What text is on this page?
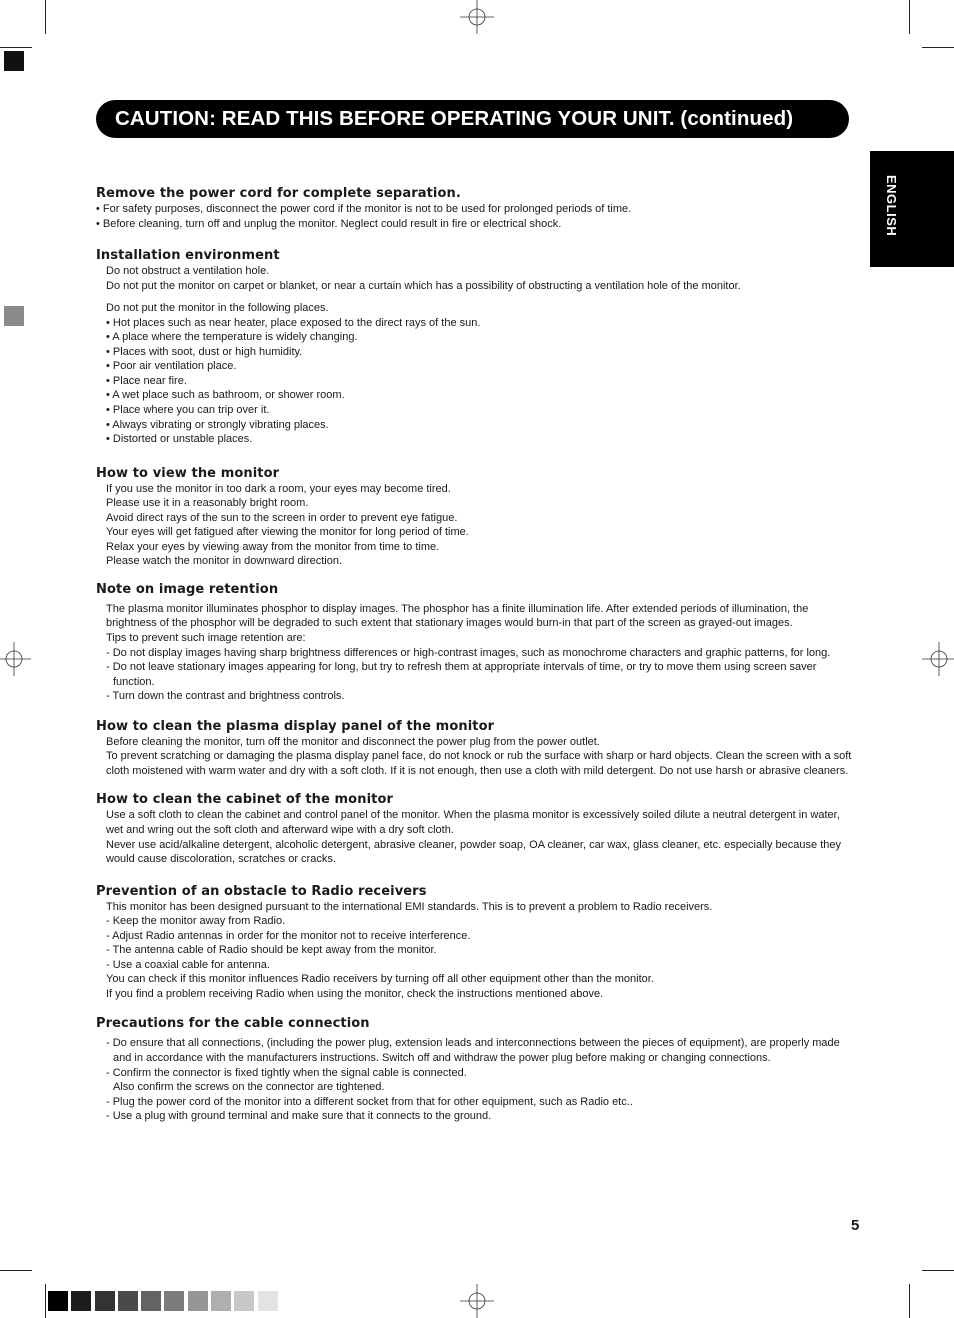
CAUTION: READ THIS BEFORE OPERATING YOUR UNIT. (continued)
ENGLISH
Remove the power cord for complete separation.

• For safety purposes, disconnect the power cord if the monitor is not to be used for prolonged periods of time.

• Before cleaning, turn off and unplug the monitor. Neglect could result in fire or electrical shock.

Installation environment

Do not obstruct a ventilation hole.

Do not put the monitor on carpet or blanket, or near a curtain which has a possibility of obstructing a ventilation hole of the monitor.

Do not put the monitor in the following places.

• Hot places such as near heater, place exposed to the direct rays of the sun.

• A place where the temperature is widely changing.

• Places with soot, dust or high humidity.

• Poor air ventilation place.

• Place near fire.

• A wet place such as bathroom, or shower room.

• Place where you can trip over it.

• Always vibrating or strongly vibrating places.

• Distorted or unstable places.

How to view the monitor

If you use the monitor in too dark a room, your eyes may become tired.

Please use it in a reasonably bright room.

Avoid direct rays of the sun to the screen in order to prevent eye fatigue.

Your eyes will get fatigued after viewing the monitor for long period of time.

Relax your eyes by viewing away from the monitor from time to time.

Please watch the monitor in downward direction.

Note on image retention

The plasma monitor illuminates phosphor to display images. The phosphor has a finite illumination life. After extended periods of illumination, the brightness of the phosphor will be degraded to such extent that stationary images would burn-in that part of the screen as grayed-out images.

Tips to prevent such image retention are:

- Do not display images having sharp brightness differences or high-contrast images, such as monochrome characters and graphic patterns, for long.

- Do not leave stationary images appearing for long, but try to refresh them at appropriate intervals of time, or try to move them using screen saver function.

- Turn down the contrast and brightness controls.

How to clean the plasma display panel of the monitor

Before cleaning the monitor, turn off the monitor and disconnect the power plug from the power outlet.

To prevent scratching or damaging the plasma display panel face, do not knock or rub the surface with sharp or hard objects. Clean the screen with a soft cloth moistened with warm water and dry with a soft cloth. If it is not enough, then use a cloth with mild detergent. Do not use harsh or abrasive cleaners.

How to clean the cabinet of the monitor

Use a soft cloth to clean the cabinet and control panel of the monitor. When the plasma monitor is excessively soiled dilute a neutral detergent in water, wet and wring out the soft cloth and afterward wipe with a dry soft cloth.

Never use acid/alkaline detergent, alcoholic detergent, abrasive cleaner, powder soap, OA cleaner, car wax, glass cleaner, etc. especially because they would cause discoloration, scratches or cracks.

Prevention of an obstacle to Radio receivers

This monitor has been designed pursuant to the international EMI standards. This is to prevent a problem to Radio receivers.

- Keep the monitor away from Radio.

- Adjust Radio antennas in order for the monitor not to receive interference.

- The antenna cable of Radio should be kept away from the monitor.

- Use a coaxial cable for antenna.

You can check if this monitor influences Radio receivers by turning off all other equipment other than the monitor.

If you find a problem receiving Radio when using the monitor, check the instructions mentioned above.

Precautions for the cable connection

- Do ensure that all connections, (including the power plug, extension leads and interconnections between the pieces of equipment), are properly made and in accordance with the manufacturers instructions. Switch off and withdraw the power plug before making or changing connections.

- Confirm the connector is fixed tightly when the signal cable is connected.

Also confirm the screws on the connector are tightened.

- Plug the power cord of the monitor into a different socket from that for other equipment, such as Radio etc..

- Use a plug with ground terminal and make sure that it connects to the ground.

5
